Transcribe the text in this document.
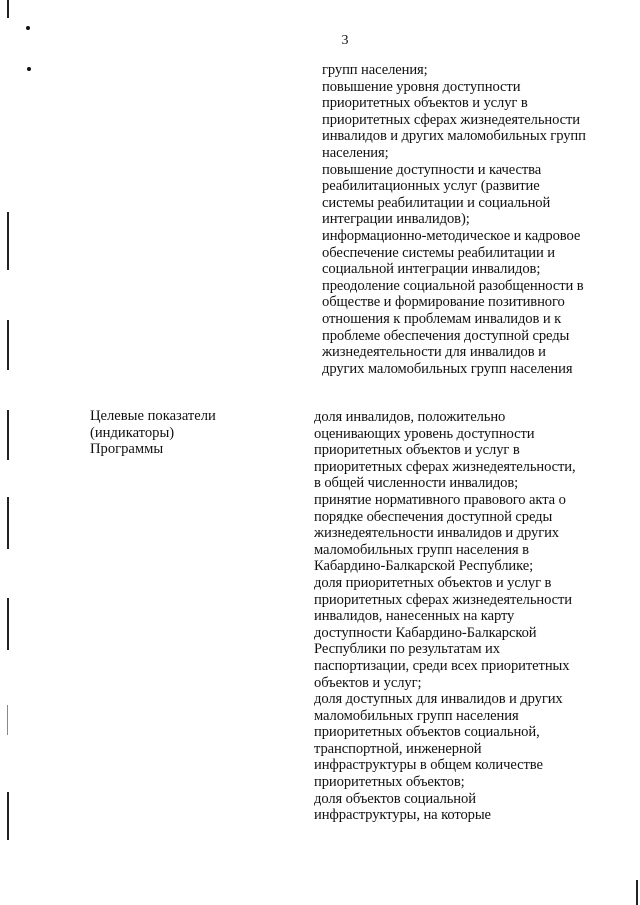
3
групп населения;
повышение уровня доступности
приоритетных объектов и услуг в
приоритетных сферах жизнедеятельности
инвалидов и других маломобильных групп
населения;
повышение доступности и качества
реабилитационных услуг (развитие
системы реабилитации и социальной
интеграции инвалидов);
информационно-методическое и кадровое
обеспечение системы реабилитации и
социальной интеграции инвалидов;
преодоление социальной разобщенности в
обществе и формирование позитивного
отношения к проблемам инвалидов и к
проблеме обеспечения доступной среды
жизнедеятельности для инвалидов и
других маломобильных групп населения
Целевые показатели
(индикаторы)
Программы
доля инвалидов, положительно
оценивающих уровень доступности
приоритетных объектов и услуг в
приоритетных сферах жизнедеятельности,
в общей численности инвалидов;
принятие нормативного правового акта о
порядке обеспечения доступной среды
жизнедеятельности инвалидов и других
маломобильных групп населения в
Кабардино-Балкарской Республике;
доля приоритетных объектов и услуг в
приоритетных сферах жизнедеятельности
инвалидов, нанесенных на карту
доступности Кабардино-Балкарской
Республики по результатам их
паспортизации, среди всех приоритетных
объектов и услуг;
доля доступных для инвалидов и других
маломобильных групп населения
приоритетных объектов социальной,
транспортной, инженерной
инфраструктуры в общем количестве
приоритетных объектов;
доля объектов социальной
инфраструктуры, на которые
